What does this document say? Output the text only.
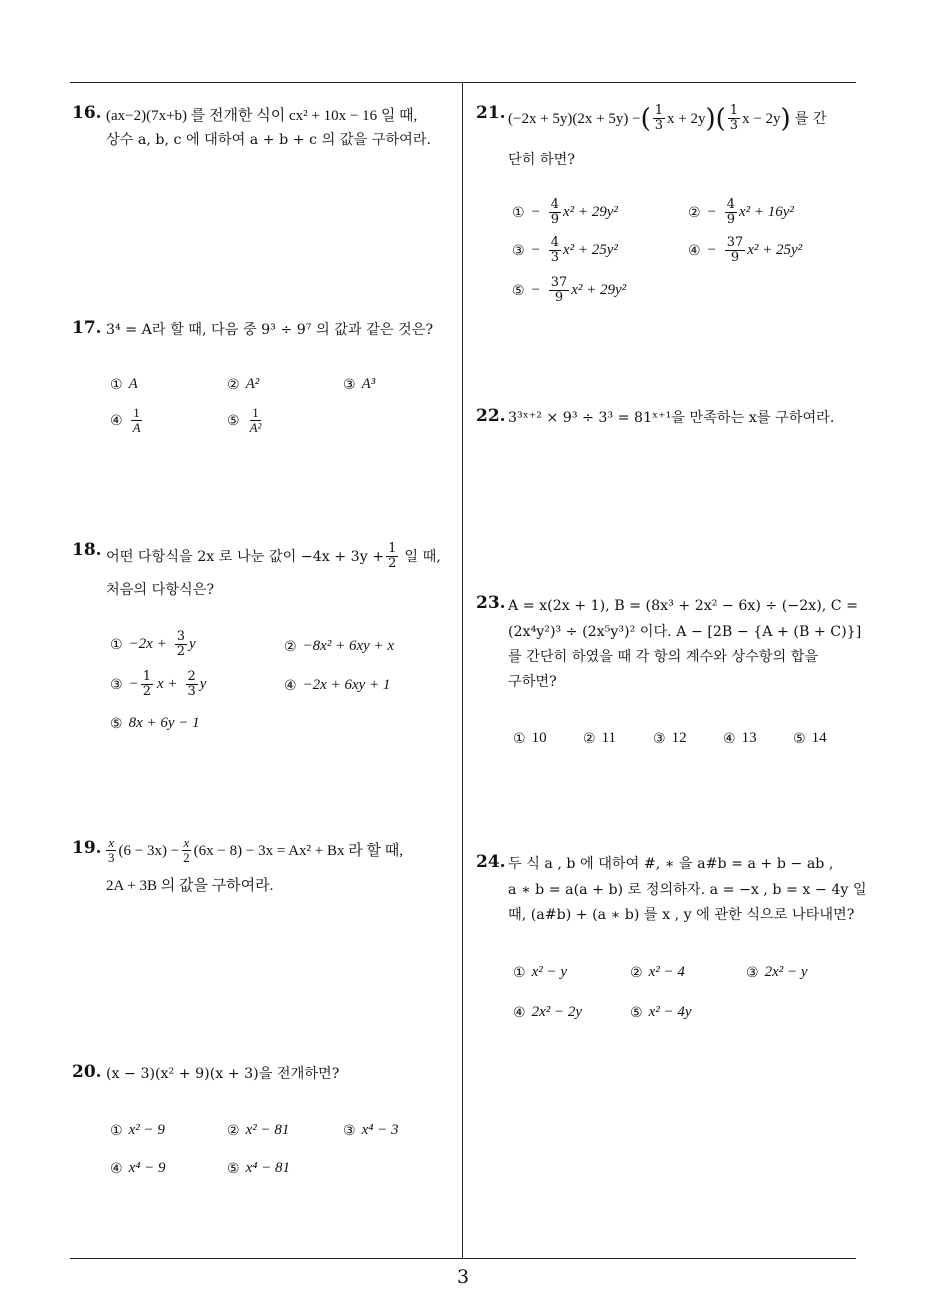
16. (ax−2)(7x+b) 를 전개한 식이 cx² + 10x − 16 일 때,
상수 a, b, c 에 대하여 a + b + c 의 값을 구하여라.
17. 3⁴ = A라 할 때, 다음 중 9³ ÷ 9⁷ 의 값과 같은 것은?
① A	② A²	③ A³
④ $\frac{1}{A}$	⑤ $\frac{1}{\text{A²}}$
18. 어떤 다항식을 2x 로 나눈 값이 $-4x + 3y + \frac{1}{2}$ 일 때,
처음의 다항식은?
① $-2x + \frac{3}{2}$ y	② −8x² + 6xy + x
③ − $\frac{1}{2}$ $x + \frac{2}{3}$ y	④ −2x + 6xy + 1
⑤ 8x + 6y − 1
19. $\frac{x}{3} (6 - 3x) - \frac{x}{2} (6x - 8) - 3x = Ax^2 + Bx$ 라 할 때,
2A + 3B 의 값을 구하여라.
20. (x − 3)(x² + 9)(x + 3)을 전개하면?
① x² − 9	② x² − 81	③ x⁴ − 3
④ x⁴ − 9	⑤ x⁴ − 81
21. (−2x + 5y)(2x + 5y) − ( $\frac{1}{3}$ x + 2y ) ( $\frac{1}{3}$ x − 2y ) 를 간
단히 하면?
① − $\frac{4}{9} x^2 + 29y^2$	② − $\frac{4}{9} x^2 + 16y^2$
③ − $\frac{4}{3} x^2 + 25y^2$	④ − $\frac{37}{9} x^2 + 25y^2$
⑤ − $\frac{37}{9} x^2 + 29y^2$
22. 3³ˣ⁺² × 9³ ÷ 3³ = 81ˣ⁺¹을 만족하는 x를 구하여라.
23. A = x(2x + 1), B = (8x³ + 2x² − 6x) ÷ (−2x), C =
(2x⁴y²)³ ÷ (2x⁵y³)² 이다. A − [2B − {A + (B + C)}]
를 간단히 하였을 때 각 항의 계수와 상수항의 합을
구하면?
① 10	② 11	③ 12	④ 13	⑤ 14
24. 두 식 a , b 에 대하여 #, ∗ 을 a#b = a + b − ab ,
a ∗ b = a(a + b) 로 정의하자. a = −x , b = x − 4y 일
때, (a#b) + (a ∗ b) 를 x , y 에 관한 식으로 나타내면?
① x² − y	② x² − 4	③ 2x² − y
④ 2x² − 2y	⑤ x² − 4y
3
